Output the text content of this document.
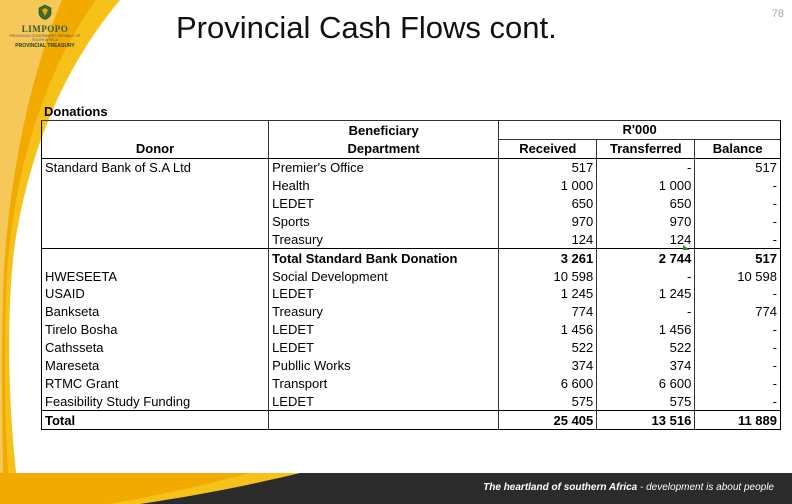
LIMPOPO
PROVINCIAL GOVERNMENT REPUBLIC OF SOUTH AFRICA
PROVINCIAL TREASURY
Provincial Cash Flows cont.	78
Donations
	Beneficiary	R'000		
Donor	Department	Received	Transferred	Balance
Standard Bank of S.A Ltd	Premier's Office	517	-	517
	Health	1 000	1 000	-
	LEDET	650	650	-
	Sports	970	970	-
	Treasury	124	124	-
	Total Standard Bank Donation	3 261	2 744	517
HWESEETA	Social Development	10 598	-	10 598
USAID	LEDET	1 245	1 245	-
Bankseta	Treasury	774	-	774
Tirelo Bosha	LEDET	1 456	1 456	-
Cathsseta	LEDET	522	522	-
Mareseta	Publlic Works	374	374	-
RTMC Grant	Transport	6 600	6 600	-
Feasibility Study Funding	LEDET	575	575	-
Total		25 405	13 516	11 889
The heartland of southern Africa - development is about people
